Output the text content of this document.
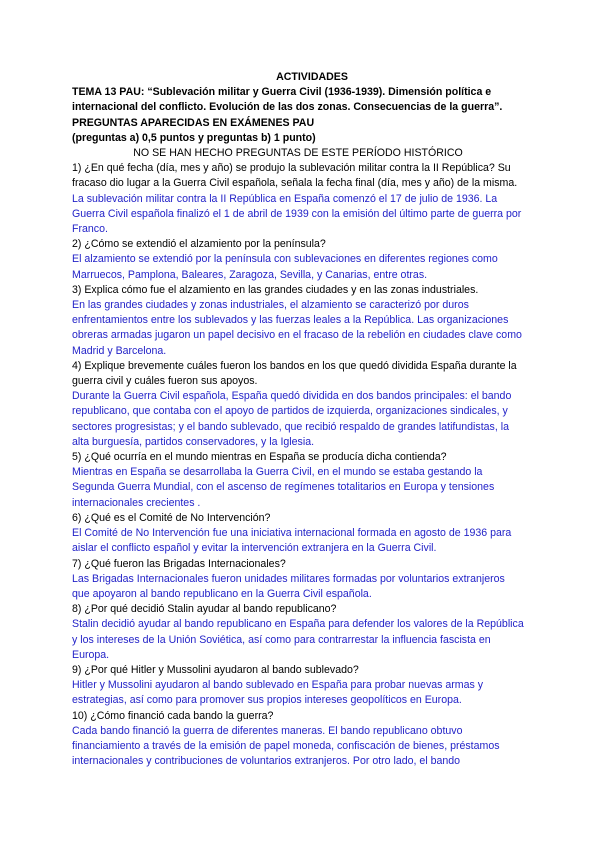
ACTIVIDADES

TEMA 13 PAU: “Sublevación militar y Guerra Civil (1936-1939). Dimensión política e internacional del conflicto. Evolución de las dos zonas. Consecuencias de la guerra”.

PREGUNTAS APARECIDAS EN EXÁMENES PAU

(preguntas a) 0,5 puntos y preguntas b) 1 punto)

NO SE HAN HECHO PREGUNTAS DE ESTE PERÍODO HISTÓRICO

1) ¿En qué fecha (día, mes y año) se produjo la sublevación militar contra la II República? Su fracaso dio lugar a la Guerra Civil española, señala la fecha final (día, mes y año) de la misma.

La sublevación militar contra la II República en España comenzó el 17 de julio de 1936. La Guerra Civil española finalizó el 1 de abril de 1939 con la emisión del último parte de guerra por Franco.

2) ¿Cómo se extendió el alzamiento por la península?

El alzamiento se extendió por la península con sublevaciones en diferentes regiones como Marruecos, Pamplona, Baleares, Zaragoza, Sevilla, y Canarias, entre otras.

3) Explica cómo fue el alzamiento en las grandes ciudades y en las zonas industriales.

En las grandes ciudades y zonas industriales, el alzamiento se caracterizó por duros enfrentamientos entre los sublevados y las fuerzas leales a la República. Las organizaciones obreras armadas jugaron un papel decisivo en el fracaso de la rebelión en ciudades clave como Madrid y Barcelona.

4) Explique brevemente cuáles fueron los bandos en los que quedó dividida España durante la guerra civil y cuáles fueron sus apoyos.

Durante la Guerra Civil española, España quedó dividida en dos bandos principales: el bando republicano, que contaba con el apoyo de partidos de izquierda, organizaciones sindicales, y sectores progresistas; y el bando sublevado, que recibió respaldo de grandes latifundistas, la alta burguesía, partidos conservadores, y la Iglesia.

5) ¿Qué ocurría en el mundo mientras en España se producía dicha contienda?

Mientras en España se desarrollaba la Guerra Civil, en el mundo se estaba gestando la Segunda Guerra Mundial, con el ascenso de regímenes totalitarios en Europa y tensiones internacionales crecientes .

6) ¿Qué es el Comité de No Intervención?

El Comité de No Intervención fue una iniciativa internacional formada en agosto de 1936 para aislar el conflicto español y evitar la intervención extranjera en la Guerra Civil.

7) ¿Qué fueron las Brigadas Internacionales?

Las Brigadas Internacionales fueron unidades militares formadas por voluntarios extranjeros que apoyaron al bando republicano en la Guerra Civil española.

8) ¿Por qué decidió Stalin ayudar al bando republicano?

Stalin decidió ayudar al bando republicano en España para defender los valores de la República y los intereses de la Unión Soviética, así como para contrarrestar la influencia fascista en Europa.

9) ¿Por qué Hitler y Mussolini ayudaron al bando sublevado?

Hitler y Mussolini ayudaron al bando sublevado en España para probar nuevas armas y estrategias, así como para promover sus propios intereses geopolíticos en Europa.

10) ¿Cómo financió cada bando la guerra?

Cada bando financió la guerra de diferentes maneras. El bando republicano obtuvo financiamiento a través de la emisión de papel moneda, confiscación de bienes, préstamos internacionales y contribuciones de voluntarios extranjeros. Por otro lado, el bando
